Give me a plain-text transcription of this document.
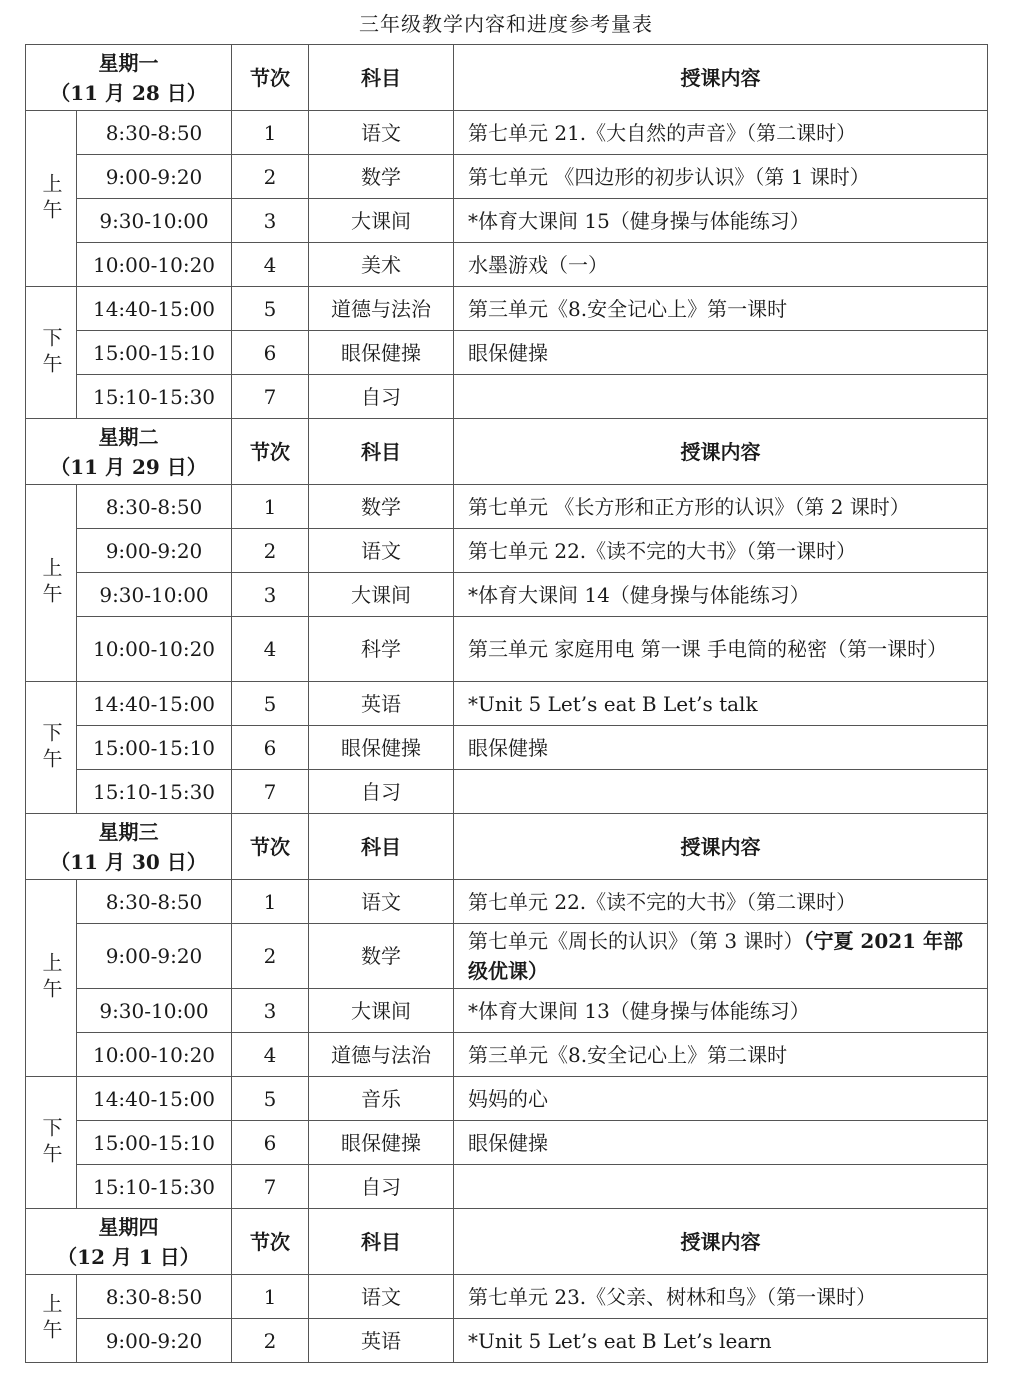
三年级教学内容和进度参考量表
星期一
（11 月 28 日）		节次	科目	授课内容
上午	8:30-8:50	1	语文	第七单元 21.《大自然的声音》（第二课时）
	9:00-9:20	2	数学	第七单元 《四边形的初步认识》（第 1 课时）
	9:30-10:00	3	大课间	*体育大课间 15（健身操与体能练习）
	10:00-10:20	4	美术	水墨游戏（一）
下午	14:40-15:00	5	道德与法治	第三单元《8.安全记心上》第一课时
	15:00-15:10	6	眼保健操	眼保健操
	15:10-15:30	7	自习	

星期二
（11 月 29 日）		节次	科目	授课内容
上午	8:30-8:50	1	数学	第七单元 《长方形和正方形的认识》（第 2 课时）
	9:00-9:20	2	语文	第七单元 22.《读不完的大书》（第一课时）
	9:30-10:00	3	大课间	*体育大课间 14（健身操与体能练习）
	10:00-10:20	4	科学	第三单元 家庭用电 第一课 手电筒的秘密（第一课时）
下午	14:40-15:00	5	英语	*Unit 5 Let’s eat B Let’s talk
	15:00-15:10	6	眼保健操	眼保健操
	15:10-15:30	7	自习	

星期三
（11 月 30 日）		节次	科目	授课内容
上午	8:30-8:50	1	语文	第七单元 22.《读不完的大书》（第二课时）
	9:00-9:20	2	数学	第七单元《周长的认识》（第 3 课时）（宁夏 2021 年部级优课）
	9:30-10:00	3	大课间	*体育大课间 13（健身操与体能练习）
	10:00-10:20	4	道德与法治	第三单元《8.安全记心上》第二课时
下午	14:40-15:00	5	音乐	妈妈的心
	15:00-15:10	6	眼保健操	眼保健操
	15:10-15:30	7	自习	

星期四
（12 月 1 日）		节次	科目	授课内容
上午	8:30-8:50	1	语文	第七单元 23.《父亲、树林和鸟》（第一课时）
	9:00-9:20	2	英语	*Unit 5 Let’s eat B Let’s learn
